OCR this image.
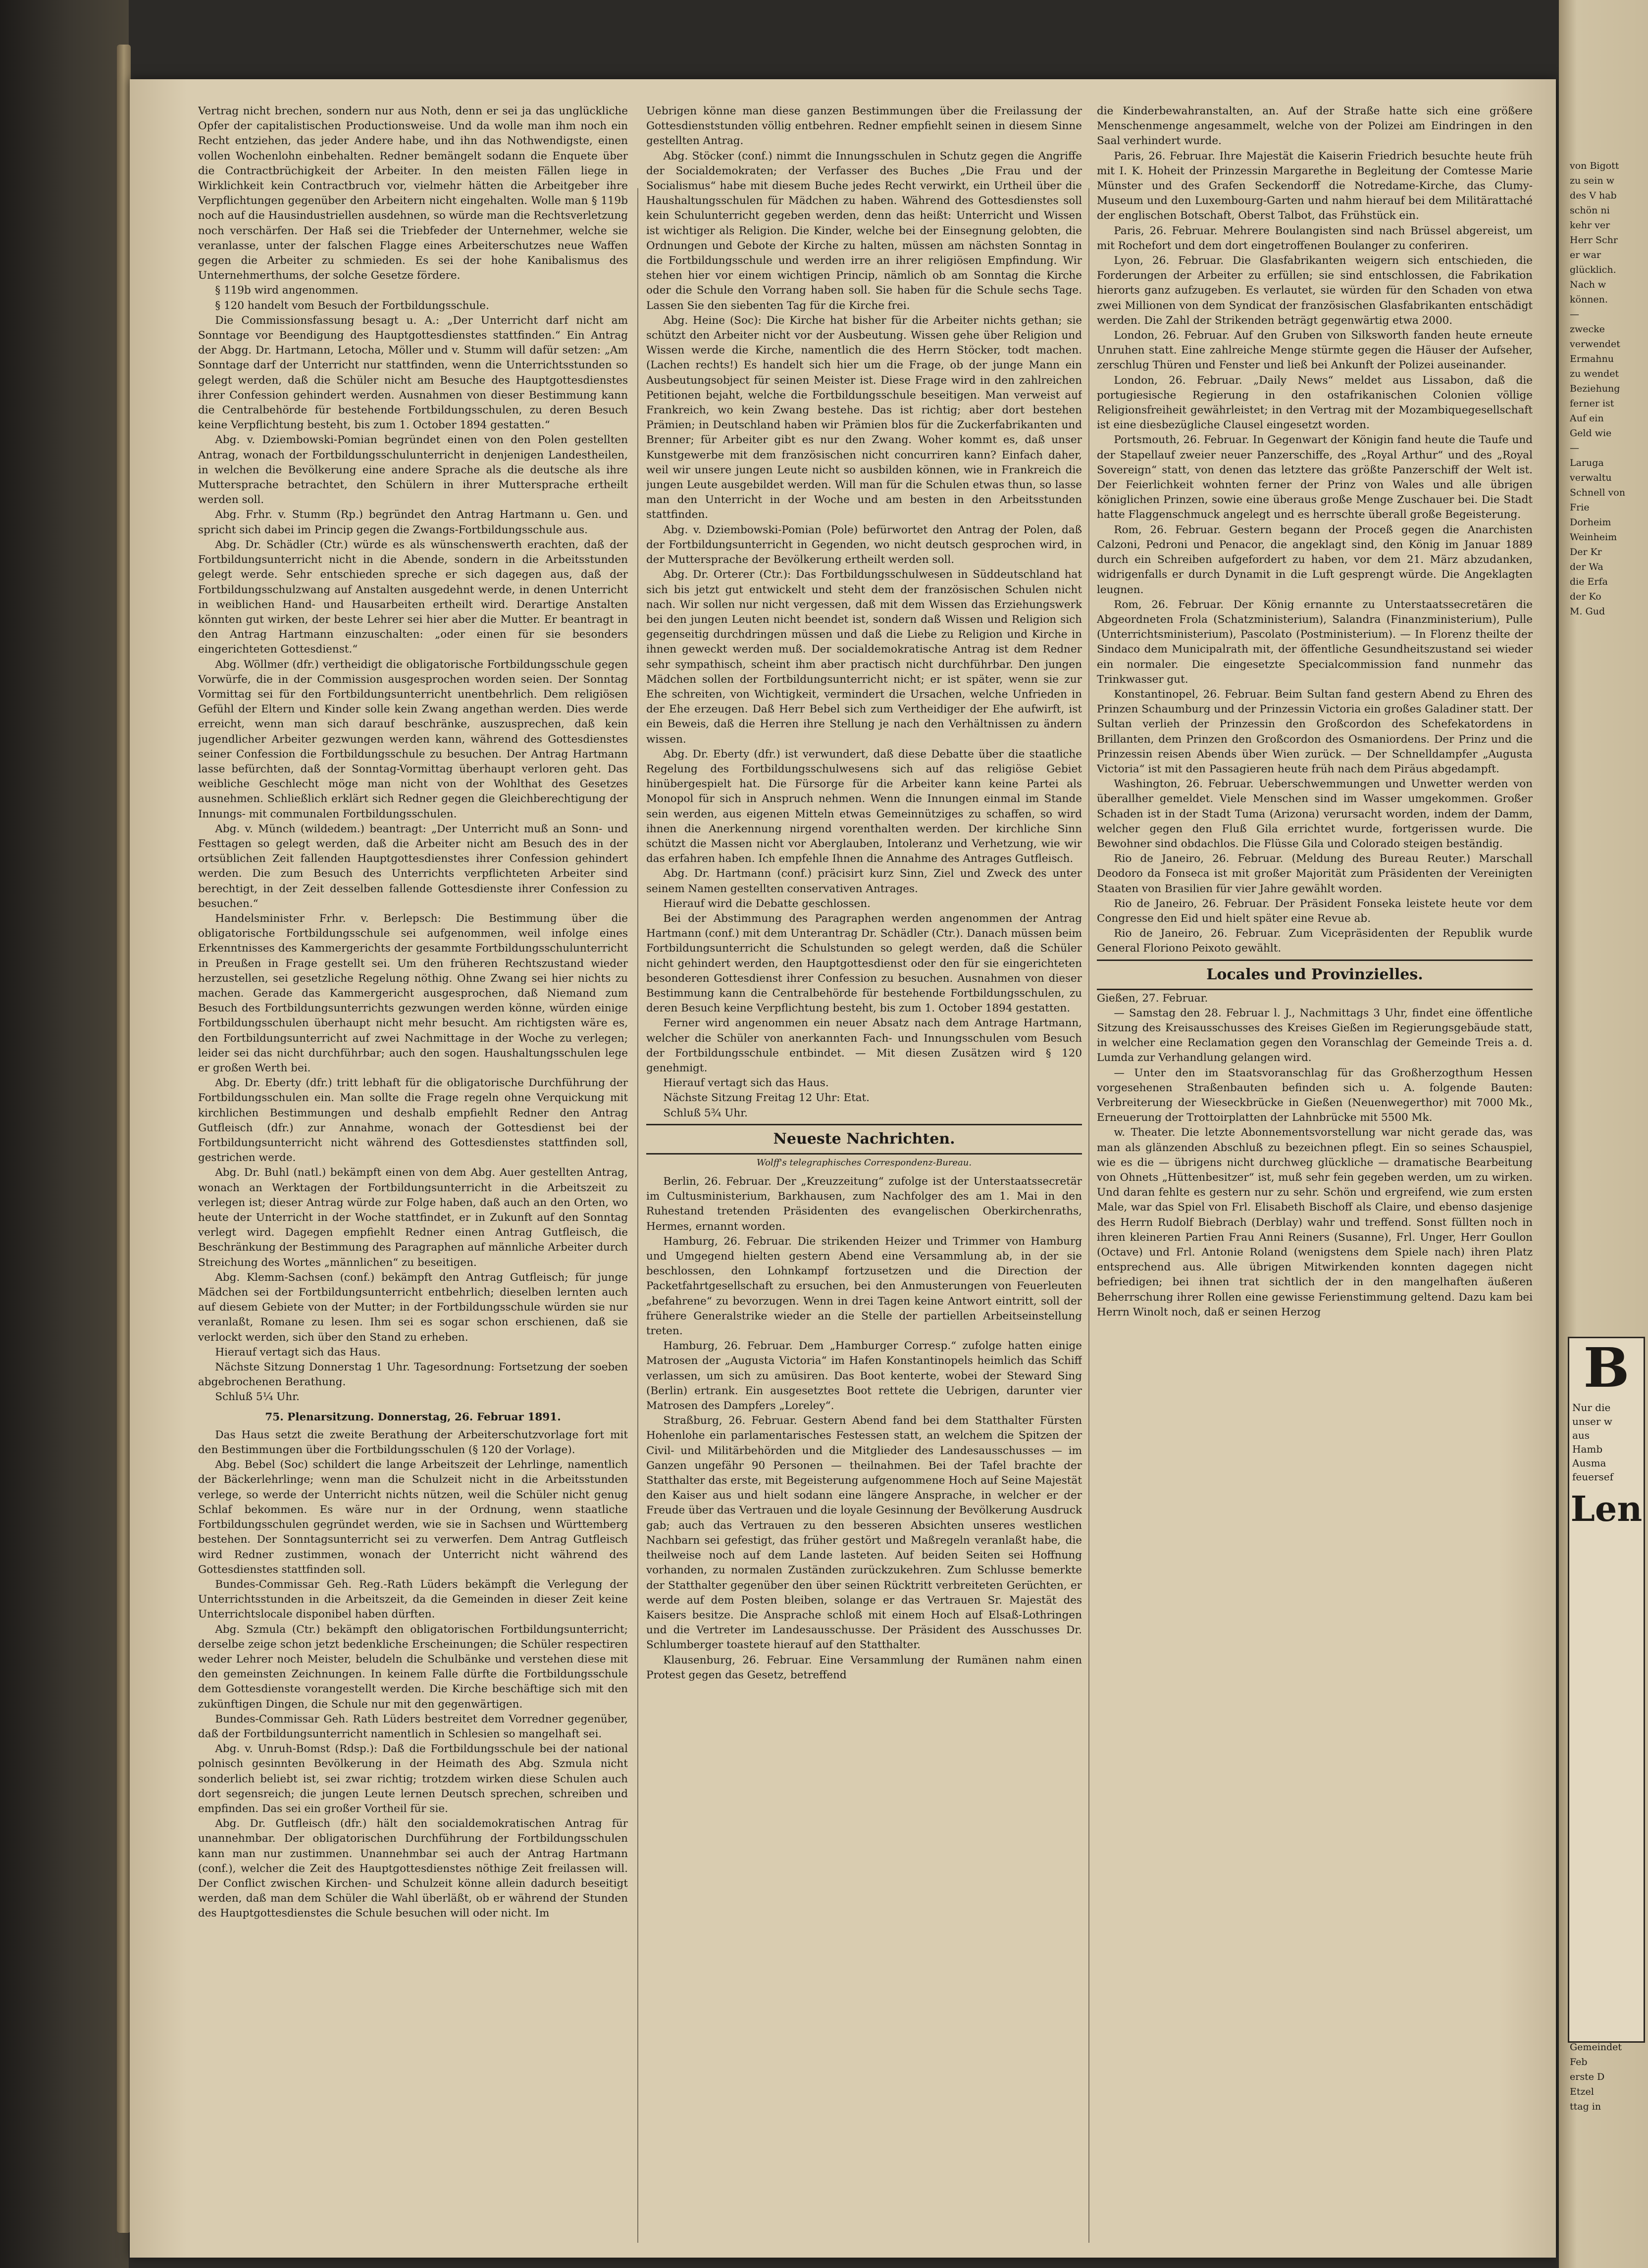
Vertrag nicht brechen, sondern nur aus Noth, denn er sei ja das unglückliche Opfer der capitalistischen Productionsweise. Und da wolle man ihm noch ein Recht entziehen, das jeder Andere habe, und ihn das Nothwendigste, einen vollen Wochenlohn einbehalten. Redner bemängelt sodann die Enquete über die Contractbrüchigkeit der Arbeiter. In den meisten Fällen liege in Wirklichkeit kein Contractbruch vor, vielmehr hätten die Arbeitgeber ihre Verpflichtungen gegenüber den Arbeitern nicht eingehalten. Wolle man § 119b noch auf die Hausindustriellen ausdehnen, so würde man die Rechtsverletzung noch verschärfen. Der Haß sei die Triebfeder der Unternehmer, welche sie veranlasse, unter der falschen Flagge eines Arbeiterschutzes neue Waffen gegen die Arbeiter zu schmieden. Es sei der hohe Kanibalismus des Unternehmerthums, der solche Gesetze fördere.

§ 119b wird angenommen.

§ 120 handelt vom Besuch der Fortbildungsschule.

Die Commissionsfassung besagt u. A.: „Der Unterricht darf nicht am Sonntage vor Beendigung des Hauptgottesdienstes stattfinden.“ Ein Antrag der Abgg. Dr. Hartmann, Letocha, Möller und v. Stumm will dafür setzen: „Am Sonntage darf der Unterricht nur stattfinden, wenn die Unterrichtsstunden so gelegt werden, daß die Schüler nicht am Besuche des Hauptgottesdienstes ihrer Confession gehindert werden. Ausnahmen von dieser Bestimmung kann die Centralbehörde für bestehende Fortbildungsschulen, zu deren Besuch keine Verpflichtung besteht, bis zum 1. October 1894 gestatten.“

Abg. v. Dziembowski-Pomian begründet einen von den Polen gestellten Antrag, wonach der Fortbildungsschulunterricht in denjenigen Landestheilen, in welchen die Bevölkerung eine andere Sprache als die deutsche als ihre Muttersprache betrachtet, den Schülern in ihrer Muttersprache ertheilt werden soll.

Abg. Frhr. v. Stumm (Rp.) begründet den Antrag Hartmann u. Gen. und spricht sich dabei im Princip gegen die Zwangs-Fortbildungsschule aus.

Abg. Dr. Schädler (Ctr.) würde es als wünschenswerth erachten, daß der Fortbildungsunterricht nicht in die Abende, sondern in die Arbeitsstunden gelegt werde. Sehr entschieden spreche er sich dagegen aus, daß der Fortbildungsschulzwang auf Anstalten ausgedehnt werde, in denen Unterricht in weiblichen Hand- und Hausarbeiten ertheilt wird. Derartige Anstalten könnten gut wirken, der beste Lehrer sei hier aber die Mutter. Er beantragt in den Antrag Hartmann einzuschalten: „oder einen für sie besonders eingerichteten Gottesdienst.“

Abg. Wöllmer (dfr.) vertheidigt die obligatorische Fortbildungsschule gegen Vorwürfe, die in der Commission ausgesprochen worden seien. Der Sonntag Vormittag sei für den Fortbildungsunterricht unentbehrlich. Dem religiösen Gefühl der Eltern und Kinder solle kein Zwang angethan werden. Dies werde erreicht, wenn man sich darauf beschränke, auszusprechen, daß kein jugendlicher Arbeiter gezwungen werden kann, während des Gottesdienstes seiner Confession die Fortbildungsschule zu besuchen. Der Antrag Hartmann lasse befürchten, daß der Sonntag-Vormittag überhaupt verloren geht. Das weibliche Geschlecht möge man nicht von der Wohlthat des Gesetzes ausnehmen. Schließlich erklärt sich Redner gegen die Gleichberechtigung der Innungs- mit communalen Fortbildungsschulen.

Abg. v. Münch (wildedem.) beantragt: „Der Unterricht muß an Sonn- und Festtagen so gelegt werden, daß die Arbeiter nicht am Besuch des in der ortsüblichen Zeit fallenden Hauptgottesdienstes ihrer Confession gehindert werden. Die zum Besuch des Unterrichts verpflichteten Arbeiter sind berechtigt, in der Zeit desselben fallende Gottesdienste ihrer Confession zu besuchen.“

Handelsminister Frhr. v. Berlepsch: Die Bestimmung über die obligatorische Fortbildungsschule sei aufgenommen, weil infolge eines Erkenntnisses des Kammergerichts der gesammte Fortbildungsschulunterricht in Preußen in Frage gestellt sei. Um den früheren Rechtszustand wieder herzustellen, sei gesetzliche Regelung nöthig. Ohne Zwang sei hier nichts zu machen. Gerade das Kammergericht ausgesprochen, daß Niemand zum Besuch des Fortbildungsunterrichts gezwungen werden könne, würden einige Fortbildungsschulen überhaupt nicht mehr besucht. Am richtigsten wäre es, den Fortbildungsunterricht auf zwei Nachmittage in der Woche zu verlegen; leider sei das nicht durchführbar; auch den sogen. Haushaltungsschulen lege er großen Werth bei.

Abg. Dr. Eberty (dfr.) tritt lebhaft für die obligatorische Durchführung der Fortbildungsschulen ein. Man sollte die Frage regeln ohne Verquickung mit kirchlichen Bestimmungen und deshalb empfiehlt Redner den Antrag Gutfleisch (dfr.) zur Annahme, wonach der Gottesdienst bei der Fortbildungsunterricht nicht während des Gottesdienstes stattfinden soll, gestrichen werde.

Abg. Dr. Buhl (natl.) bekämpft einen von dem Abg. Auer gestellten Antrag, wonach an Werktagen der Fortbildungsunterricht in die Arbeitszeit zu verlegen ist; dieser Antrag würde zur Folge haben, daß auch an den Orten, wo heute der Unterricht in der Woche stattfindet, er in Zukunft auf den Sonntag verlegt wird. Dagegen empfiehlt Redner einen Antrag Gutfleisch, die Beschränkung der Bestimmung des Paragraphen auf männliche Arbeiter durch Streichung des Wortes „männlichen“ zu beseitigen.

Abg. Klemm-Sachsen (conf.) bekämpft den Antrag Gutfleisch; für junge Mädchen sei der Fortbildungsunterricht entbehrlich; dieselben lernten auch auf diesem Gebiete von der Mutter; in der Fortbildungsschule würden sie nur veranlaßt, Romane zu lesen. Ihm sei es sogar schon erschienen, daß sie verlockt werden, sich über den Stand zu erheben.

Hierauf vertagt sich das Haus.

Nächste Sitzung Donnerstag 1 Uhr. Tagesordnung: Fortsetzung der soeben abgebrochenen Berathung.

Schluß 5¼ Uhr.

75. Plenarsitzung. Donnerstag, 26. Februar 1891.

Das Haus setzt die zweite Berathung der Arbeiterschutzvorlage fort mit den Bestimmungen über die Fortbildungsschulen (§ 120 der Vorlage).

Abg. Bebel (Soc) schildert die lange Arbeitszeit der Lehrlinge, namentlich der Bäckerlehrlinge; wenn man die Schulzeit nicht in die Arbeitsstunden verlege, so werde der Unterricht nichts nützen, weil die Schüler nicht genug Schlaf bekommen. Es wäre nur in der Ordnung, wenn staatliche Fortbildungsschulen gegründet werden, wie sie in Sachsen und Württemberg bestehen. Der Sonntagsunterricht sei zu verwerfen. Dem Antrag Gutfleisch wird Redner zustimmen, wonach der Unterricht nicht während des Gottesdienstes stattfinden soll.

Bundes-Commissar Geh. Reg.-Rath Lüders bekämpft die Verlegung der Unterrichtsstunden in die Arbeitszeit, da die Gemeinden in dieser Zeit keine Unterrichtslocale disponibel haben dürften.

Abg. Szmula (Ctr.) bekämpft den obligatorischen Fortbildungsunterricht; derselbe zeige schon jetzt bedenkliche Erscheinungen; die Schüler respectiren weder Lehrer noch Meister, beludeln die Schulbänke und verstehen diese mit den gemeinsten Zeichnungen. In keinem Falle dürfte die Fortbildungsschule dem Gottesdienste vorangestellt werden. Die Kirche beschäftige sich mit den zukünftigen Dingen, die Schule nur mit den gegenwärtigen.

Bundes-Commissar Geh. Rath Lüders bestreitet dem Vorredner gegenüber, daß der Fortbildungsunterricht namentlich in Schlesien so mangelhaft sei.

Abg. v. Unruh-Bomst (Rdsp.): Daß die Fortbildungsschule bei der national polnisch gesinnten Bevölkerung in der Heimath des Abg. Szmula nicht sonderlich beliebt ist, sei zwar richtig; trotzdem wirken diese Schulen auch dort segensreich; die jungen Leute lernen Deutsch sprechen, schreiben und empfinden. Das sei ein großer Vortheil für sie.

Abg. Dr. Gutfleisch (dfr.) hält den socialdemokratischen Antrag für unannehmbar. Der obligatorischen Durchführung der Fortbildungsschulen kann man nur zustimmen. Unannehmbar sei auch der Antrag Hartmann (conf.), welcher die Zeit des Hauptgottesdienstes nöthige Zeit freilassen will. Der Conflict zwischen Kirchen- und Schulzeit könne allein dadurch beseitigt werden, daß man dem Schüler die Wahl überläßt, ob er während der Stunden des Hauptgottesdienstes die Schule besuchen will oder nicht. Im

Uebrigen könne man diese ganzen Bestimmungen über die Freilassung der Gottesdienststunden völlig entbehren. Redner empfiehlt seinen in diesem Sinne gestellten Antrag.

Abg. Stöcker (conf.) nimmt die Innungsschulen in Schutz gegen die Angriffe der Socialdemokraten; der Verfasser des Buches „Die Frau und der Socialismus“ habe mit diesem Buche jedes Recht verwirkt, ein Urtheil über die Haushaltungsschulen für Mädchen zu haben. Während des Gottesdienstes soll kein Schulunterricht gegeben werden, denn das heißt: Unterricht und Wissen ist wichtiger als Religion. Die Kinder, welche bei der Einsegnung gelobten, die Ordnungen und Gebote der Kirche zu halten, müssen am nächsten Sonntag in die Fortbildungsschule und werden irre an ihrer religiösen Empfindung. Wir stehen hier vor einem wichtigen Princip, nämlich ob am Sonntag die Kirche oder die Schule den Vorrang haben soll. Sie haben für die Schule sechs Tage. Lassen Sie den siebenten Tag für die Kirche frei.

Abg. Heine (Soc): Die Kirche hat bisher für die Arbeiter nichts gethan; sie schützt den Arbeiter nicht vor der Ausbeutung. Wissen gehe über Religion und Wissen werde die Kirche, namentlich die des Herrn Stöcker, todt machen. (Lachen rechts!) Es handelt sich hier um die Frage, ob der junge Mann ein Ausbeutungsobject für seinen Meister ist. Diese Frage wird in den zahlreichen Petitionen bejaht, welche die Fortbildungsschule beseitigen. Man verweist auf Frankreich, wo kein Zwang bestehe. Das ist richtig; aber dort bestehen Prämien; in Deutschland haben wir Prämien blos für die Zuckerfabrikanten und Brenner; für Arbeiter gibt es nur den Zwang. Woher kommt es, daß unser Kunstgewerbe mit dem französischen nicht concurriren kann? Einfach daher, weil wir unsere jungen Leute nicht so ausbilden können, wie in Frankreich die jungen Leute ausgebildet werden. Will man für die Schulen etwas thun, so lasse man den Unterricht in der Woche und am besten in den Arbeitsstunden stattfinden.

Abg. v. Dziembowski-Pomian (Pole) befürwortet den Antrag der Polen, daß der Fortbildungsunterricht in Gegenden, wo nicht deutsch gesprochen wird, in der Muttersprache der Bevölkerung ertheilt werden soll.

Abg. Dr. Orterer (Ctr.): Das Fortbildungsschulwesen in Süddeutschland hat sich bis jetzt gut entwickelt und steht dem der französischen Schulen nicht nach. Wir sollen nur nicht vergessen, daß mit dem Wissen das Erziehungswerk bei den jungen Leuten nicht beendet ist, sondern daß Wissen und Religion sich gegenseitig durchdringen müssen und daß die Liebe zu Religion und Kirche in ihnen geweckt werden muß. Der socialdemokratische Antrag ist dem Redner sehr sympathisch, scheint ihm aber practisch nicht durchführbar. Den jungen Mädchen sollen der Fortbildungsunterricht nicht; er ist später, wenn sie zur Ehe schreiten, von Wichtigkeit, vermindert die Ursachen, welche Unfrieden in der Ehe erzeugen. Daß Herr Bebel sich zum Vertheidiger der Ehe aufwirft, ist ein Beweis, daß die Herren ihre Stellung je nach den Verhältnissen zu ändern wissen.

Abg. Dr. Eberty (dfr.) ist verwundert, daß diese Debatte über die staatliche Regelung des Fortbildungsschulwesens sich auf das religiöse Gebiet hinübergespielt hat. Die Fürsorge für die Arbeiter kann keine Partei als Monopol für sich in Anspruch nehmen. Wenn die Innungen einmal im Stande sein werden, aus eigenen Mitteln etwas Gemeinnütziges zu schaffen, so wird ihnen die Anerkennung nirgend vorenthalten werden. Der kirchliche Sinn schützt die Massen nicht vor Aberglauben, Intoleranz und Verhetzung, wie wir das erfahren haben. Ich empfehle Ihnen die Annahme des Antrages Gutfleisch.

Abg. Dr. Hartmann (conf.) präcisirt kurz Sinn, Ziel und Zweck des unter seinem Namen gestellten conservativen Antrages.

Hierauf wird die Debatte geschlossen.

Bei der Abstimmung des Paragraphen werden angenommen der Antrag Hartmann (conf.) mit dem Unterantrag Dr. Schädler (Ctr.). Danach müssen beim Fortbildungsunterricht die Schulstunden so gelegt werden, daß die Schüler nicht gehindert werden, den Hauptgottesdienst oder den für sie eingerichteten besonderen Gottesdienst ihrer Confession zu besuchen. Ausnahmen von dieser Bestimmung kann die Centralbehörde für bestehende Fortbildungsschulen, zu deren Besuch keine Verpflichtung besteht, bis zum 1. October 1894 gestatten.

Ferner wird angenommen ein neuer Absatz nach dem Antrage Hartmann, welcher die Schüler von anerkannten Fach- und Innungsschulen vom Besuch der Fortbildungsschule entbindet. — Mit diesen Zusätzen wird § 120 genehmigt.

Hierauf vertagt sich das Haus.

Nächste Sitzung Freitag 12 Uhr: Etat.

Schluß 5¾ Uhr.

Neueste Nachrichten.

Wolff's telegraphisches Correspondenz-Bureau.

Berlin, 26. Februar. Der „Kreuzzeitung“ zufolge ist der Unterstaatssecretär im Cultusministerium, Barkhausen, zum Nachfolger des am 1. Mai in den Ruhestand tretenden Präsidenten des evangelischen Oberkirchenraths, Hermes, ernannt worden.

Hamburg, 26. Februar. Die strikenden Heizer und Trimmer von Hamburg und Umgegend hielten gestern Abend eine Versammlung ab, in der sie beschlossen, den Lohnkampf fortzusetzen und die Direction der Packetfahrtgesellschaft zu ersuchen, bei den Anmusterungen von Feuerleuten „befahrene“ zu bevorzugen. Wenn in drei Tagen keine Antwort eintritt, soll der frühere Generalstrike wieder an die Stelle der partiellen Arbeitseinstellung treten.

Hamburg, 26. Februar. Dem „Hamburger Corresp.“ zufolge hatten einige Matrosen der „Augusta Victoria“ im Hafen Konstantinopels heimlich das Schiff verlassen, um sich zu amüsiren. Das Boot kenterte, wobei der Steward Sing (Berlin) ertrank. Ein ausgesetztes Boot rettete die Uebrigen, darunter vier Matrosen des Dampfers „Loreley“.

Straßburg, 26. Februar. Gestern Abend fand bei dem Statthalter Fürsten Hohenlohe ein parlamentarisches Festessen statt, an welchem die Spitzen der Civil- und Militärbehörden und die Mitglieder des Landesausschusses — im Ganzen ungefähr 90 Personen — theilnahmen. Bei der Tafel brachte der Statthalter das erste, mit Begeisterung aufgenommene Hoch auf Seine Majestät den Kaiser aus und hielt sodann eine längere Ansprache, in welcher er der Freude über das Vertrauen und die loyale Gesinnung der Bevölkerung Ausdruck gab; auch das Vertrauen zu den besseren Absichten unseres westlichen Nachbarn sei gefestigt, das früher gestört und Maßregeln veranlaßt habe, die theilweise noch auf dem Lande lasteten. Auf beiden Seiten sei Hoffnung vorhanden, zu normalen Zuständen zurückzukehren. Zum Schlusse bemerkte der Statthalter gegenüber den über seinen Rücktritt verbreiteten Gerüchten, er werde auf dem Posten bleiben, solange er das Vertrauen Sr. Majestät des Kaisers besitze. Die Ansprache schloß mit einem Hoch auf Elsaß-Lothringen und die Vertreter im Landesausschusse. Der Präsident des Ausschusses Dr. Schlumberger toastete hierauf auf den Statthalter.

Klausenburg, 26. Februar. Eine Versammlung der Rumänen nahm einen Protest gegen das Gesetz, betreffend

die Kinderbewahranstalten, an. Auf der Straße hatte sich eine größere Menschenmenge angesammelt, welche von der Polizei am Eindringen in den Saal verhindert wurde.

Paris, 26. Februar. Ihre Majestät die Kaiserin Friedrich besuchte heute früh mit I. K. Hoheit der Prinzessin Margarethe in Begleitung der Comtesse Marie Münster und des Grafen Seckendorff die Notredame-Kirche, das Clumy-Museum und den Luxembourg-Garten und nahm hierauf bei dem Militärattaché der englischen Botschaft, Oberst Talbot, das Frühstück ein.

Paris, 26. Februar. Mehrere Boulangisten sind nach Brüssel abgereist, um mit Rochefort und dem dort eingetroffenen Boulanger zu conferiren.

Lyon, 26. Februar. Die Glasfabrikanten weigern sich entschieden, die Forderungen der Arbeiter zu erfüllen; sie sind entschlossen, die Fabrikation hierorts ganz aufzugeben. Es verlautet, sie würden für den Schaden von etwa zwei Millionen von dem Syndicat der französischen Glasfabrikanten entschädigt werden. Die Zahl der Strikenden beträgt gegenwärtig etwa 2000.

London, 26. Februar. Auf den Gruben von Silksworth fanden heute erneute Unruhen statt. Eine zahlreiche Menge stürmte gegen die Häuser der Aufseher, zerschlug Thüren und Fenster und ließ bei Ankunft der Polizei auseinander.

London, 26. Februar. „Daily News“ meldet aus Lissabon, daß die portugiesische Regierung in den ostafrikanischen Colonien völlige Religionsfreiheit gewährleistet; in den Vertrag mit der Mozambiquegesellschaft ist eine diesbezügliche Clausel eingesetzt worden.

Portsmouth, 26. Februar. In Gegenwart der Königin fand heute die Taufe und der Stapellauf zweier neuer Panzerschiffe, des „Royal Arthur“ und des „Royal Sovereign“ statt, von denen das letztere das größte Panzerschiff der Welt ist. Der Feierlichkeit wohnten ferner der Prinz von Wales und alle übrigen königlichen Prinzen, sowie eine überaus große Menge Zuschauer bei. Die Stadt hatte Flaggenschmuck angelegt und es herrschte überall große Begeisterung.

Rom, 26. Februar. Gestern begann der Proceß gegen die Anarchisten Calzoni, Pedroni und Penacor, die angeklagt sind, den König im Januar 1889 durch ein Schreiben aufgefordert zu haben, vor dem 21. März abzudanken, widrigenfalls er durch Dynamit in die Luft gesprengt würde. Die Angeklagten leugnen.

Rom, 26. Februar. Der König ernannte zu Unterstaatssecretären die Abgeordneten Frola (Schatzministerium), Salandra (Finanzministerium), Pulle (Unterrichtsministerium), Pascolato (Postministerium). — In Florenz theilte der Sindaco dem Municipalrath mit, der öffentliche Gesundheitszustand sei wieder ein normaler. Die eingesetzte Specialcommission fand nunmehr das Trinkwasser gut.

Konstantinopel, 26. Februar. Beim Sultan fand gestern Abend zu Ehren des Prinzen Schaumburg und der Prinzessin Victoria ein großes Galadiner statt. Der Sultan verlieh der Prinzessin den Großcordon des Schefekatordens in Brillanten, dem Prinzen den Großcordon des Osmaniordens. Der Prinz und die Prinzessin reisen Abends über Wien zurück. — Der Schnelldampfer „Augusta Victoria“ ist mit den Passagieren heute früh nach dem Piräus abgedampft.

Washington, 26. Februar. Ueberschwemmungen und Unwetter werden von überallher gemeldet. Viele Menschen sind im Wasser umgekommen. Großer Schaden ist in der Stadt Tuma (Arizona) verursacht worden, indem der Damm, welcher gegen den Fluß Gila errichtet wurde, fortgerissen wurde. Die Bewohner sind obdachlos. Die Flüsse Gila und Colorado steigen beständig.

Rio de Janeiro, 26. Februar. (Meldung des Bureau Reuter.) Marschall Deodoro da Fonseca ist mit großer Majorität zum Präsidenten der Vereinigten Staaten von Brasilien für vier Jahre gewählt worden.

Rio de Janeiro, 26. Februar. Der Präsident Fonseka leistete heute vor dem Congresse den Eid und hielt später eine Revue ab.

Rio de Janeiro, 26. Februar. Zum Vicepräsidenten der Republik wurde General Floriono Peixoto gewählt.

Locales und Provinzielles.

Gießen, 27. Februar.

— Samstag den 28. Februar l. J., Nachmittags 3 Uhr, findet eine öffentliche Sitzung des Kreisausschusses des Kreises Gießen im Regierungsgebäude statt, in welcher eine Reclamation gegen den Voranschlag der Gemeinde Treis a. d. Lumda zur Verhandlung gelangen wird.

— Unter den im Staatsvoranschlag für das Großherzogthum Hessen vorgesehenen Straßenbauten befinden sich u. A. folgende Bauten: Verbreiterung der Wieseckbrücke in Gießen (Neuenwegerthor) mit 7000 Mk., Erneuerung der Trottoirplatten der Lahnbrücke mit 5500 Mk.

w. Theater. Die letzte Abonnementsvorstellung war nicht gerade das, was man als glänzenden Abschluß zu bezeichnen pflegt. Ein so seines Schauspiel, wie es die — übrigens nicht durchweg glückliche — dramatische Bearbeitung von Ohnets „Hüttenbesitzer“ ist, muß sehr fein gegeben werden, um zu wirken. Und daran fehlte es gestern nur zu sehr. Schön und ergreifend, wie zum ersten Male, war das Spiel von Frl. Elisabeth Bischoff als Claire, und ebenso dasjenige des Herrn Rudolf Biebrach (Derblay) wahr und treffend. Sonst füllten noch in ihren kleineren Partien Frau Anni Reiners (Susanne), Frl. Unger, Herr Goullon (Octave) und Frl. Antonie Roland (wenigstens dem Spiele nach) ihren Platz entsprechend aus. Alle übrigen Mitwirkenden konnten dagegen nicht befriedigen; bei ihnen trat sichtlich der in den mangelhaften äußeren Beherrschung ihrer Rollen eine gewisse Ferienstimmung geltend. Dazu kam bei Herrn Winolt noch, daß er seinen Herzog

von Bigott
zu sein w
des V hab
schön ni
kehr ver
Herr Schr
er war
glücklich.
Nach w
können.
—
zwecke
verwendet
Ermahnu
zu wendet
Beziehung
ferner ist
Auf ein
Geld wie
—
Laruga
verwaltu
Schnell von
Frie
Dorheim
Weinheim
Der Kr
der Wa
die Erfa
der Ko
M. Gud
B
Nur die
unser w
aus
Hamb
Ausma
feuersef
Len
Gemeindet
Feb
erste D
Etzel
ttag in
